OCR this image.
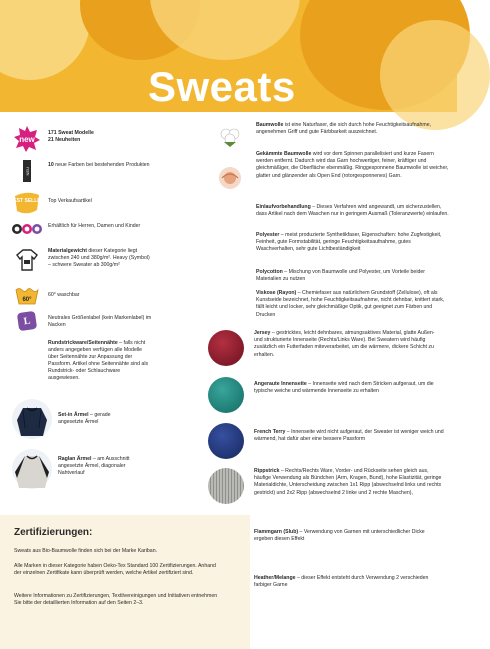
Sweats
new
171 Sweat Modelle
21 Neuheiten
NEU
10 neue Farben bei bestehenden Produkten
BEST SELLER Top Verkaufsartikel
Erhältlich für Herren, Damen und Kinder
Materialgewicht dieser Kategorie liegt zwischen 240 und 380g/m². Heavy (Symbol) – schwere Sweater ab 300g/m²
60°
60° waschbar
L	Neutrales Größenlabel (kein Markenlabel) im Nacken
Rundstrickware/Seitennähte – falls nicht anders angegeben verfügen alle Modelle über Seitennähte zur Anpassung der Passform. Artikel ohne Seitennähte sind als Rundstrick- oder Schlauchware ausgewiesen.
Set-in Ärmel – gerade angesetzte Ärmel
Raglan Ärmel – am Ausschnitt angesetzte Ärmel, diagonaler Nahtverlauf
Baumwolle ist eine Naturfaser, die sich durch hohe Feuchtigkeitsaufnahme, angenehmen Griff und gute Färbbarkeit auszeichnet.
Gekämmte Baumwolle wird vor dem Spinnen parallelisiert und kurze Fasern werden entfernt. Dadurch wird das Garn hochwertiger, feiner, kräftiger und gleichmäßiger, die Oberfläche ebenmäßig. Ringgesponnene Baumwolle ist weicher, glatter und glänzender als Open End (rotorgesponnenes) Garn.
Einlaufvorbehandlung – Dieses Verfahren wird angewandt, um sicherzustellen, dass Artikel nach dem Waschen nur in geringem Ausmaß (Toleranzwerte) einlaufen.
Polyester – meist produzierte Synthetikfaser, Eigenschaften: hohe Zugfestigkeit, Feinheit, gute Formstabilität, geringe Feuchtigkeitsaufnahme, gutes Waschverhalten, sehr gute Lichtbeständigkeit
Polycotton – Mischung von Baumwolle und Polyester, um Vorteile beider Materialien zu nutzen
Viskose (Rayon) – Chemiefaser aus natürlichem Grundstoff (Zellulose), oft als Kunstseide bezeichnet, hohe Feuchtigkeitsaufnahme, nicht dehnbar, knittert stark, fällt leicht und locker, sehr gleichmäßige Optik, gut geeignet zum Färben und Drucken
Jersey – gestricktes, leicht dehnbares, atmungsaktives Material, glatte Außen- und strukturierte Innenseite (Rechts/Links Ware). Bei Sweatern wird häufig zusätzlich ein Futterfaden miteverarbeitet, um die wärmere, dickere Schicht zu erhalten.
Angeraute Innenseite – Innenseite wird nach dem Stricken aufgeraut, um die typische weiche und wärmende Innenseite zu erhalten
French Terry – Innenseite wird nicht aufgeraut, der Sweater ist weniger weich und wärmend, hat dafür aber eine bessere Passform
Rippstrick – Rechts/Rechts Ware, Vorder- und Rückseite sehen gleich aus, häufige Verwendung als Bündchen (Arm, Kragen, Bund), hohe Elastizität, geringe Materialdichte, Unterscheidung zwischen 1x1 Ripp (abwechselnd links und rechts gestrickt) und 2x2 Ripp (abwechselnd 2 linke und 2 rechte Maschen),
Flammgarn (Slub) – Verwendung von Garnen mit unterschiedlicher Dicke ergeben diesen Effekt
Heather/Melange – dieser Effekt entsteht durch Verwendung 2 verschieden farbiger Garne
Zertifizierungen:
Sweats aus Bio-Baumwolle finden sich bei der Marke Kariban.
Alle Marken in dieser Kategorie haben Oeko-Tex Standard 100 Zertifizierungen. Anhand der einzelnen Zertifikate kann überprüft werden, welche Artikel zertifiziert sind.
Weitere Informationen zu Zertifizierungen, Textilvereinigungen und Initiativen entnehmen Sie bitte der detaillierten Information auf den Seiten 2–3.
